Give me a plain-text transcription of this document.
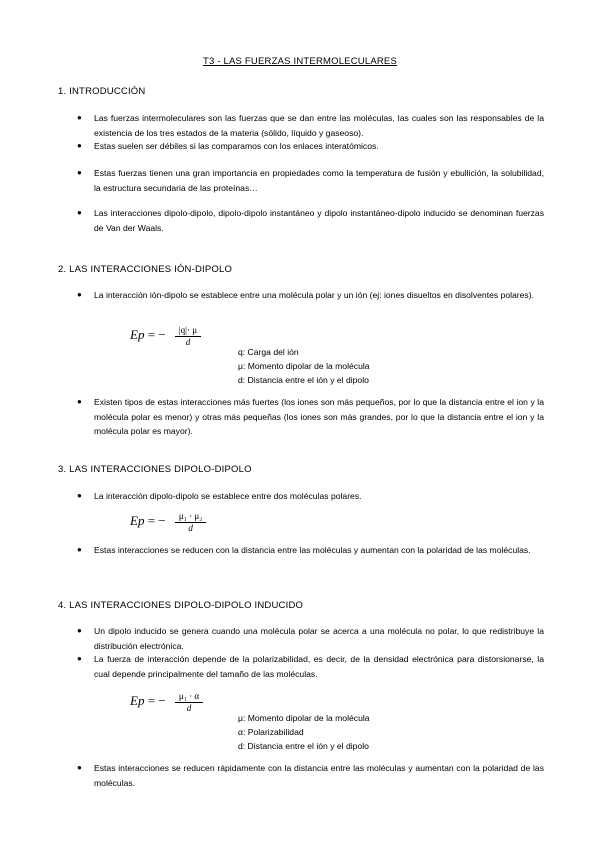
T3 - LAS FUERZAS INTERMOLECULARES
1. INTRODUCCIÓN
● Las fuerzas intermoleculares son las fuerzas que se dan entre las moléculas, las cuales son las responsables de la existencia de los tres estados de la materia (sólido, líquido y gaseoso).
● Estas suelen ser débiles si las comparamos con los enlaces interatómicos.
● Estas fuerzas tienen una gran importancia en propiedades como la temperatura de fusión y ebullición, la solubilidad, la estructura secundaria de las proteínas…
● Las interacciones dipolo-dipolo, dipolo-dipolo instantáneo y dipolo instantáneo-dipolo inducido se denominan fuerzas de Van der Waals.
2. LAS INTERACCIONES IÓN-DIPOLO
● La interacción ión-dipolo se establece entre una molécula polar y un ión (ej: iones disueltos en disolventes polares).
Ep = − $\frac{|q|\cdot \mu}{d}$
q: Carga del ión
μ: Momento dipolar de la molécula
d: Distancia entre el ión y el dipolo
● Existen tipos de estas interacciones más fuertes (los iones son más pequeños, por lo que la distancia entre el ion y la molécula polar es menor) y otras más pequeñas (los iones son más grandes, por lo que la distancia entre el ion y la molécula polar es mayor).
3. LAS INTERACCIONES DIPOLO-DIPOLO
● La interacción dipolo-dipolo se establece entre dos moléculas polares.
Ep = − $\frac{\text{μ₁ · μ₂}}{d}$
● Estas interacciones se reducen con la distancia entre las moléculas y aumentan con la polaridad de las moléculas.
4. LAS INTERACCIONES DIPOLO-DIPOLO INDUCIDO
● Un dipolo inducido se genera cuando una molécula polar se acerca a una molécula no polar, lo que redistribuye la distribución electrónica.
● La fuerza de interacción depende de la polarizabilidad, es decir, de la densidad electrónica para distorsionarse, la cual depende principalmente del tamaño de las moléculas.
Ep = − $\frac{\text{μ₁ · α}}{d}$
μ: Momento dipolar de la molécula
α: Polarizabilidad
d: Distancia entre el ión y el dipolo
● Estas interacciones se reducen rápidamente con la distancia entre las moléculas y aumentan con la polaridad de las moléculas.
